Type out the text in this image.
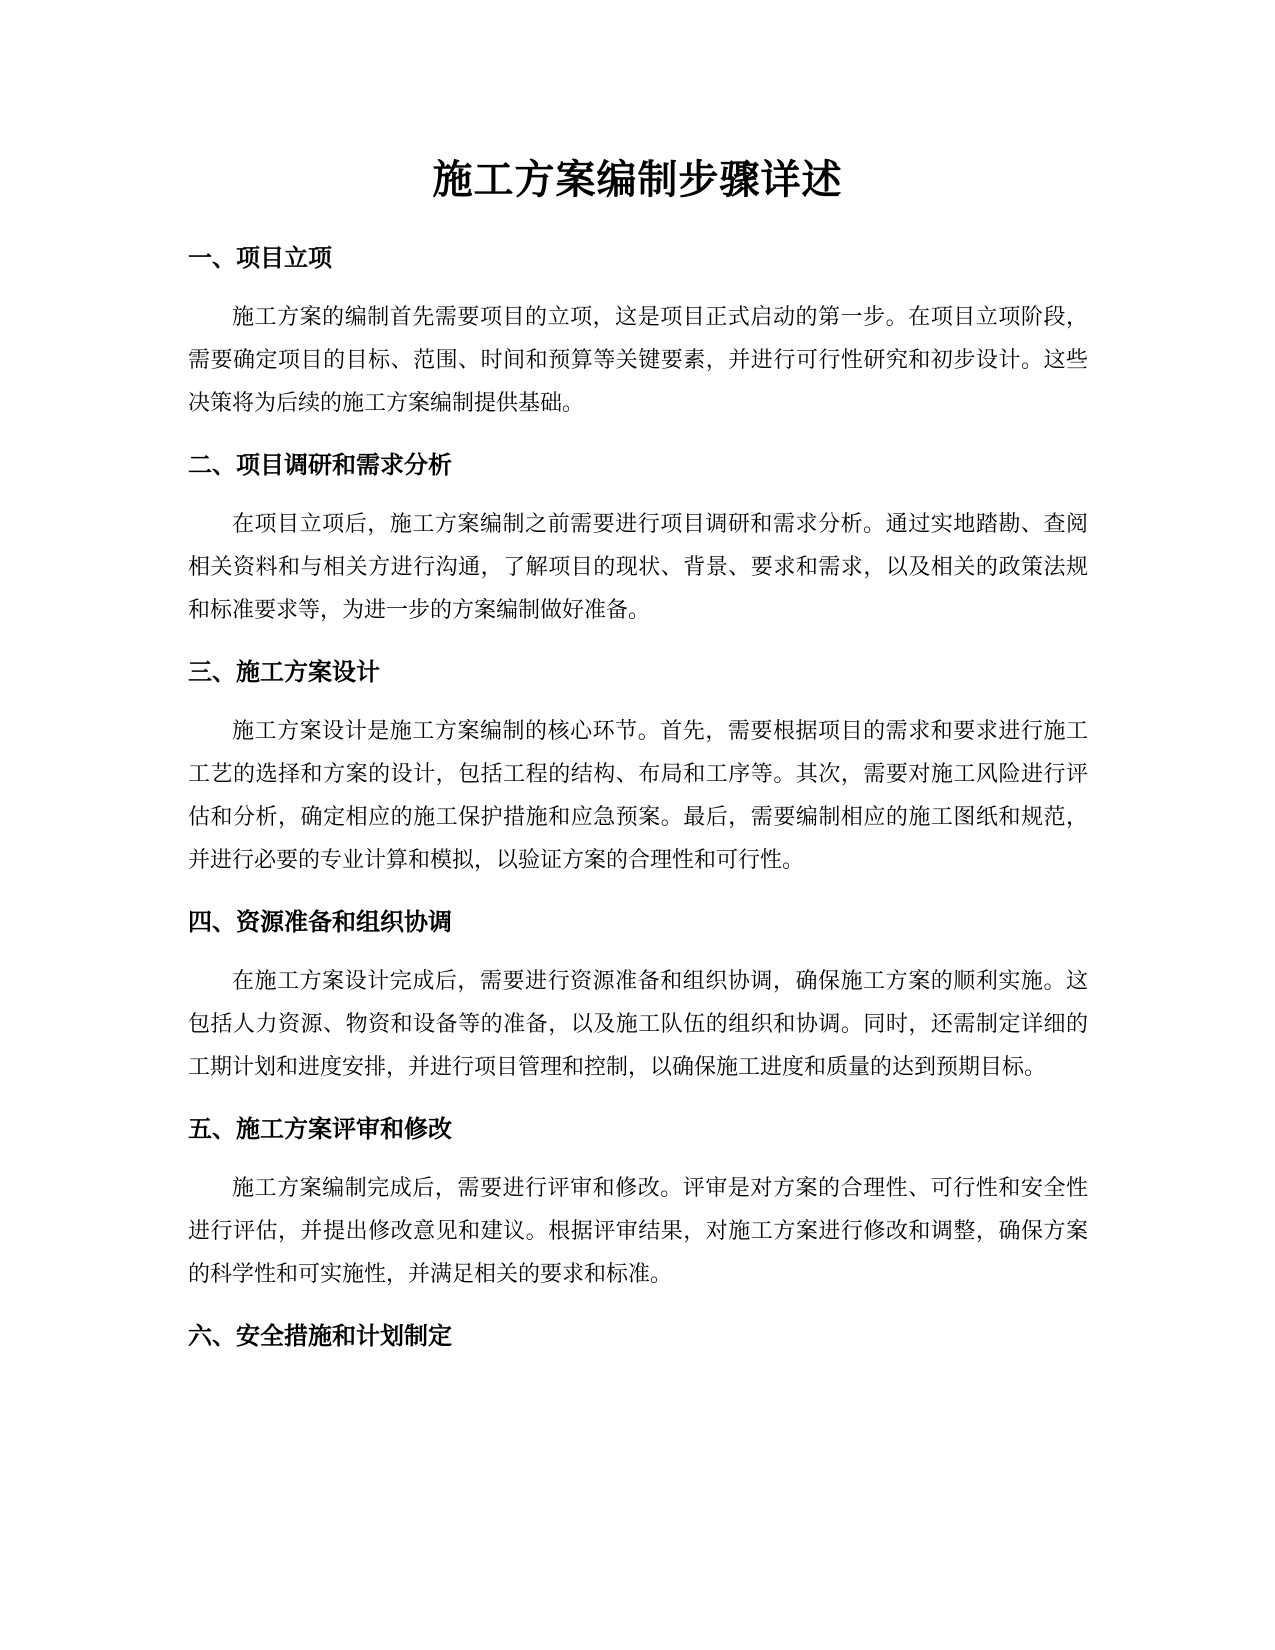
施工方案编制步骤详述
一、项目立项

施工方案的编制首先需要项目的立项，这是项目正式启动的第一步。在项目立项阶段，需要确定项目的目标、范围、时间和预算等关键要素，并进行可行性研究和初步设计。这些决策将为后续的施工方案编制提供基础。

二、项目调研和需求分析

在项目立项后，施工方案编制之前需要进行项目调研和需求分析。通过实地踏勘、查阅相关资料和与相关方进行沟通，了解项目的现状、背景、要求和需求，以及相关的政策法规和标准要求等，为进一步的方案编制做好准备。

三、施工方案设计

施工方案设计是施工方案编制的核心环节。首先，需要根据项目的需求和要求进行施工工艺的选择和方案的设计，包括工程的结构、布局和工序等。其次，需要对施工风险进行评估和分析，确定相应的施工保护措施和应急预案。最后，需要编制相应的施工图纸和规范，并进行必要的专业计算和模拟，以验证方案的合理性和可行性。

四、资源准备和组织协调

在施工方案设计完成后，需要进行资源准备和组织协调，确保施工方案的顺利实施。这包括人力资源、物资和设备等的准备，以及施工队伍的组织和协调。同时，还需制定详细的工期计划和进度安排，并进行项目管理和控制，以确保施工进度和质量的达到预期目标。

五、施工方案评审和修改

施工方案编制完成后，需要进行评审和修改。评审是对方案的合理性、可行性和安全性进行评估，并提出修改意见和建议。根据评审结果，对施工方案进行修改和调整，确保方案的科学性和可实施性，并满足相关的要求和标准。

六、安全措施和计划制定
